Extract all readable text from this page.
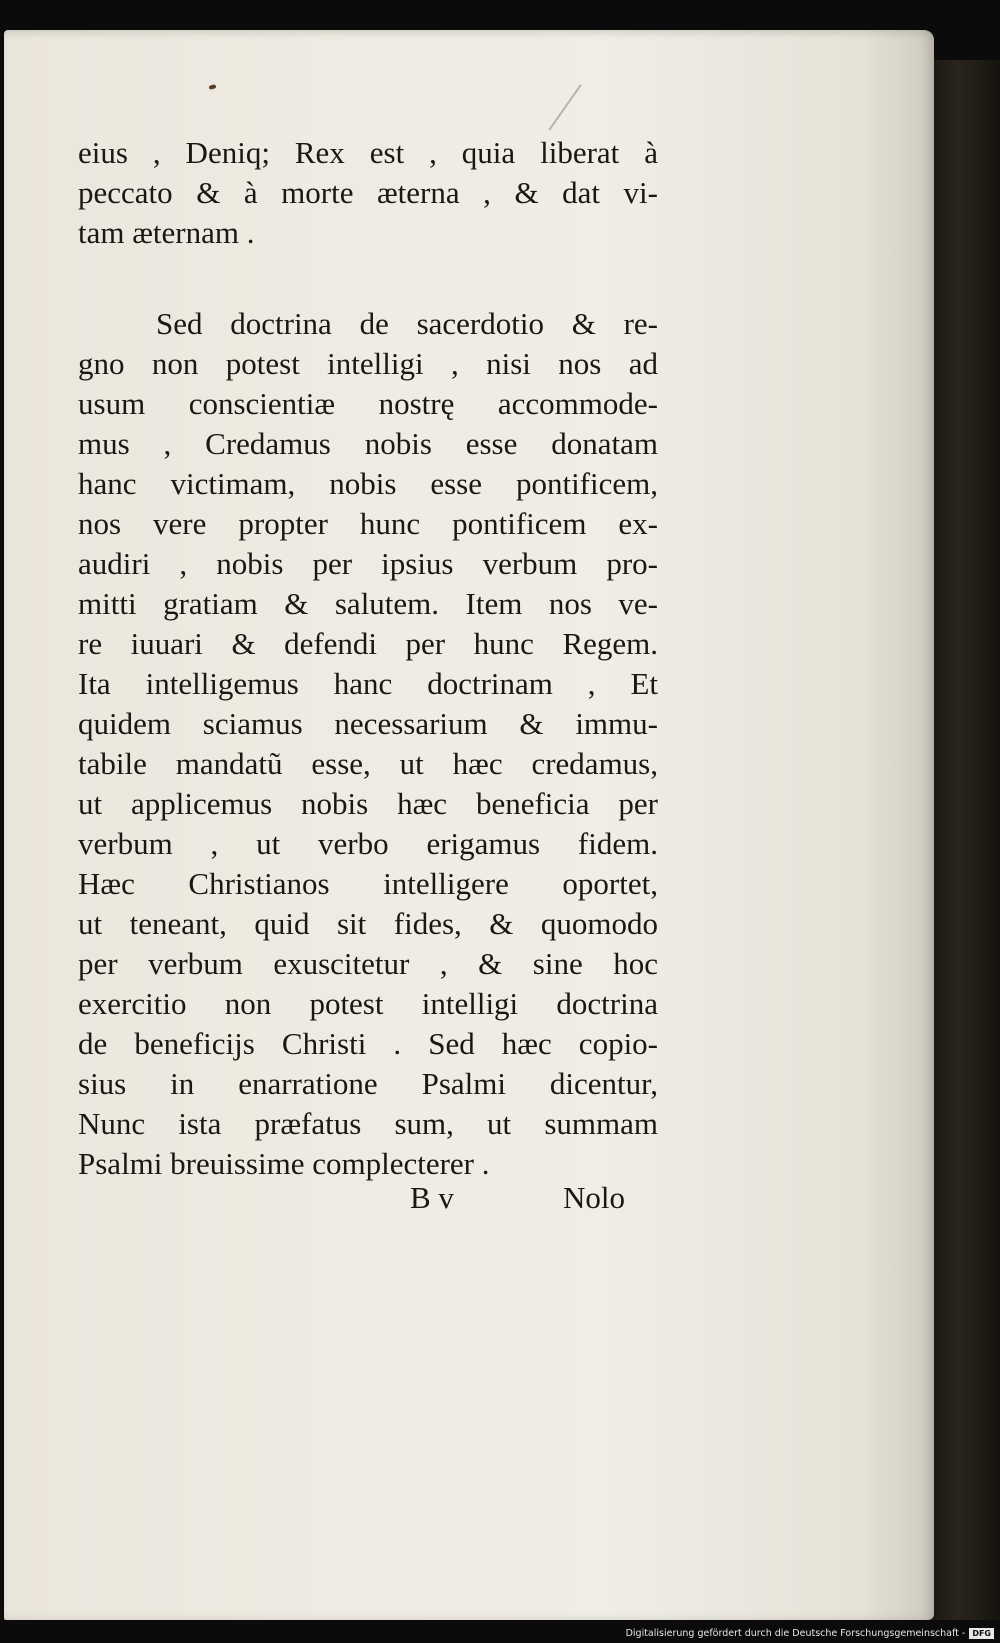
eius , Deniq; Rex est , quia liberat à
peccato & à morte æterna , & dat vi-
tam æternam .
Sed doctrina de sacerdotio & re-
gno non potest intelligi , nisi nos ad
usum conscientiæ nostrę accommode-
mus , Credamus nobis esse donatam
hanc victimam, nobis esse pontificem,
nos vere propter hunc pontificem ex-
audiri , nobis per ipsius verbum pro-
mitti gratiam & salutem. Item nos ve-
re iuuari & defendi per hunc Regem.
Ita intelligemus hanc doctrinam , Et
quidem sciamus necessarium & immu-
tabile mandatũ esse, ut hæc credamus,
ut applicemus nobis hæc beneficia per
verbum , ut verbo erigamus fidem.
Hæc Christianos intelligere oportet,
ut teneant, quid sit fides, & quomodo
per verbum exuscitetur , & sine hoc
exercitio non potest intelligi doctrina
de beneficijs Christi . Sed hæc copio-
sius in enarratione Psalmi dicentur,
Nunc ista præfatus sum, ut summam
Psalmi breuissime complecterer .
B v	Nolo
Digitalisierung gefördert durch die Deutsche Forschungsgemeinschaft - DFG
